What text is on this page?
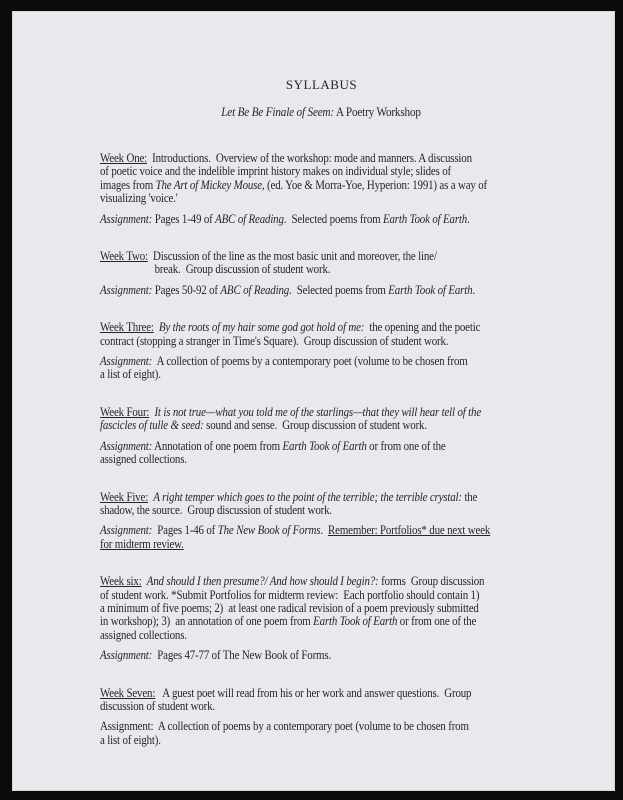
SYLLABUS
Let Be Be Finale of Seem: A Poetry Workshop
Week One:  Introductions.  Overview of the workshop: mode and manners. A discussion
of poetic voice and the indelible imprint history makes on individual style; slides of
images from The Art of Mickey Mouse, (ed. Yoe & Morra-Yoe, Hyperion: 1991) as a way of
visualizing 'voice.'
Assignment: Pages 1-49 of ABC of Reading.  Selected poems from Earth Took of Earth.
Week Two:  Discussion of the line as the most basic unit and moreover, the line/
break.  Group discussion of student work.
Assignment: Pages 50-92 of ABC of Reading.  Selected poems from Earth Took of Earth.
Week Three: By the roots of my hair some god got hold of me:  the opening and the poetic
contract (stopping a stranger in Time's Square).  Group discussion of student work.
Assignment:  A collection of poems by a contemporary poet (volume to be chosen from
a list of eight).
Week Four: It is not true—what you told me of the starlings—that they will hear tell of the
fascicles of tulle & seed: sound and sense.  Group discussion of student work.
Assignment: Annotation of one poem from Earth Took of Earth or from one of the
assigned collections.
Week Five: A right temper which goes to the point of the terrible; the terrible crystal: the
shadow, the source.  Group discussion of student work.
Assignment:  Pages 1-46 of The New Book of Forms.  Remember: Portfolios* due next week
for midterm review.
Week six: And should I then presume?/ And how should I begin?: forms  Group discussion
of student work. *Submit Portfolios for midterm review:  Each portfolio should contain 1)
a minimum of five poems; 2)  at least one radical revision of a poem previously submitted
in workshop); 3)  an annotation of one poem from Earth Took of Earth or from one of the
assigned collections.
Assignment:  Pages 47-77 of The New Book of Forms.
Week Seven:   A guest poet will read from his or her work and answer questions.  Group
discussion of student work.
Assignment:  A collection of poems by a contemporary poet (volume to be chosen from
a list of eight).
